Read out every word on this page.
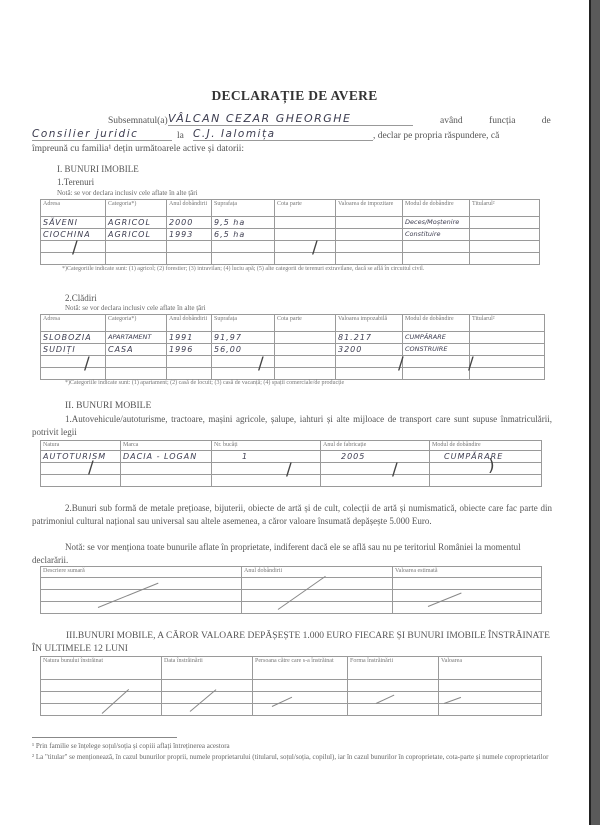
DECLARAȚIE DE AVERE
Subsemnatul(a) VÂLCAN CEZAR GHEORGHE	având funcția de
Consilier juridic	la C.J. Ialomița	, declar pe propria răspundere, că
împreună cu familia¹ dețin următoarele active și datorii:
I. BUNURI IMOBILE
1.Terenuri
Notă: se vor declara inclusiv cele aflate în alte țări
Adresa	Categoria*)	Anul dobândirii	Suprafața	Cota parte	Valoarea de impozitare	Modul de dobândire	Titularul²
SĂVENI	AGRICOL	2000	9,5 ha			Deces/Moștenire	
CIOCHINA	AGRICOL	1993	6,5 ha			Constituire	

/	/
*)Categoriile indicate sunt: (1) agricol; (2) forestier; (3) intravilan; (4) luciu apă; (5) alte categorii de terenuri extravilane, dacă se află în circuitul civil.
2.Clădiri
Notă: se vor declara inclusiv cele aflate în alte țări
Adresa	Categoria*)	Anul dobândirii	Suprafața	Cota parte	Valoarea impozabilă	Modul de dobândire	Titularul²
SLOBOZIA	APARTAMENT	1991	91,97		81.217	CUMPĂRARE	
SUDIȚI	CASA	1996	56,00		3200	CONSTRUIRE	

/	/	/	/
*)Categoriile indicate sunt: (1) apartament; (2) casă de locuit; (3) casă de vacanță; (4) spații comerciale/de producție
II. BUNURI MOBILE
1.Autovehicule/autoturisme, tractoare, mașini agricole, șalupe, iahturi și alte mijloace de transport care sunt supuse înmatriculării, potrivit legii
Natura	Marca	Nr. bucăți	Anul de fabricație	Modul de dobândire
AUTOTURISM	DACIA - LOGAN	1	2005	CUMPĂRARE

/	/	/	)
2.Bunuri sub formă de metale prețioase, bijuterii, obiecte de artă și de cult, colecții de artă și numismatică, obiecte care fac parte din patrimoniul cultural național sau universal sau altele asemenea, a căror valoare însumată depășește 5.000 Euro.
Notă: se vor menționa toate bunurile aflate în proprietate, indiferent dacă ele se află sau nu pe teritoriul României la momentul declarării.
Descriere sumară	Anul dobândirii	Valoarea estimată

III.BUNURI MOBILE, A CĂROR VALOARE DEPĂȘEȘTE 1.000 EURO FIECARE ȘI BUNURI IMOBILE ÎNSTRĂINATE ÎN ULTIMELE 12 LUNI
Natura bunului înstrăinat	Data înstrăinării	Persoana către care s-a înstrăinat	Forma înstrăinării	Valoarea

¹ Prin familie se înțelege soțul/soția și copiii aflați întreținerea acestora
² La "titular" se menționează, în cazul bunurilor proprii, numele proprietarului (titularul, soțul/soția, copilul), iar în cazul bunurilor în coproprietate, cota-parte și numele coproprietarilor
